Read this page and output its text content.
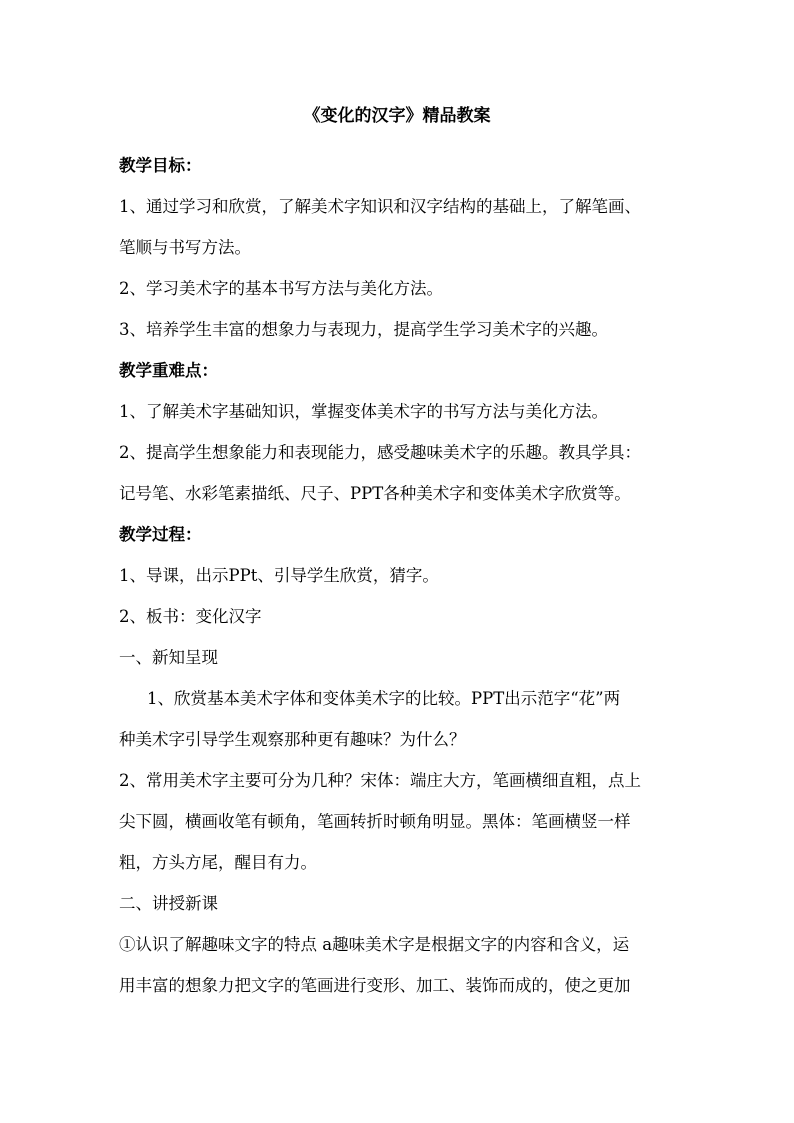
《变化的汉字》精品教案

教学目标：

1、通过学习和欣赏，了解美术字知识和汉字结构的基础上，了解笔画、

笔顺与书写方法。

2、学习美术字的基本书写方法与美化方法。

3、培养学生丰富的想象力与表现力，提高学生学习美术字的兴趣。

教学重难点：

1、了解美术字基础知识，掌握变体美术字的书写方法与美化方法。

2、提高学生想象能力和表现能力，感受趣味美术字的乐趣。教具学具：

记号笔、水彩笔素描纸、尺子、PPT各种美术字和变体美术字欣赏等。

教学过程：

1、导课，出示PPt、引导学生欣赏，猜字。

2、板书：变化汉字

一、新知呈现

1、欣赏基本美术字体和变体美术字的比较。PPT出示范字“花”两

种美术字引导学生观察那种更有趣味？为什么？

2、常用美术字主要可分为几种？宋体：端庄大方，笔画横细直粗，点上

尖下圆，横画收笔有顿角，笔画转折时顿角明显。黑体：笔画横竖一样

粗，方头方尾，醒目有力。

二、讲授新课

①认识了解趣味文字的特点 a趣味美术字是根据文字的内容和含义，运

用丰富的想象力把文字的笔画进行变形、加工、装饰而成的，使之更加
